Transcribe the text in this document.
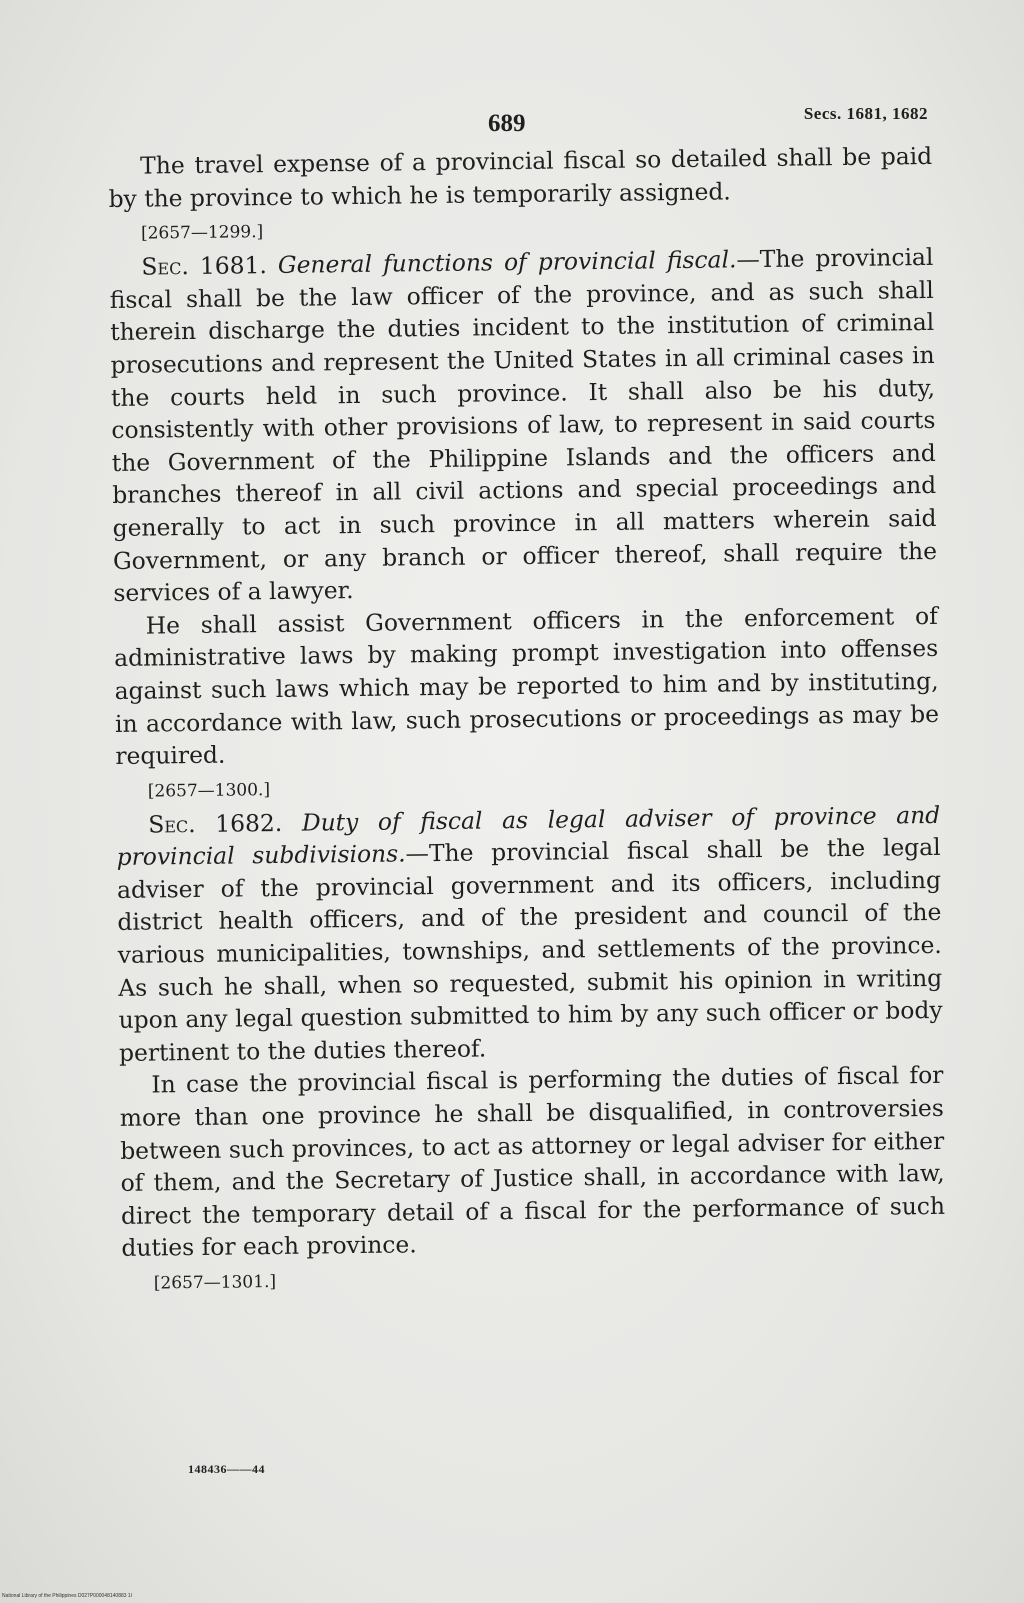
689	Secs. 1681, 1682

The travel expense of a provincial fiscal so detailed shall be paid by the province to which he is temporarily assigned.

[2657—1299.]

Sec. 1681. General functions of provincial fiscal.—The provincial fiscal shall be the law officer of the province, and as such shall therein discharge the duties incident to the institution of criminal prosecutions and represent the United States in all criminal cases in the courts held in such province. It shall also be his duty, consistently with other provisions of law, to represent in said courts the Government of the Philippine Islands and the officers and branches thereof in all civil actions and special proceedings and generally to act in such province in all matters wherein said Government, or any branch or officer thereof, shall require the services of a lawyer.

He shall assist Government officers in the enforcement of administrative laws by making prompt investigation into offenses against such laws which may be reported to him and by instituting, in accordance with law, such prosecutions or proceedings as may be required.

[2657—1300.]

Sec. 1682. Duty of fiscal as legal adviser of province and provincial subdivisions.—The provincial fiscal shall be the legal adviser of the provincial government and its officers, including district health officers, and of the president and council of the various municipalities, townships, and settlements of the province. As such he shall, when so requested, submit his opinion in writing upon any legal question submitted to him by any such officer or body pertinent to the duties thereof.

In case the provincial fiscal is performing the duties of fiscal for more than one province he shall be disqualified, in controversies between such provinces, to act as attorney or legal adviser for either of them, and the Secretary of Justice shall, in accordance with law, direct the temporary detail of a fiscal for the performance of such duties for each province.

[2657—1301.]

148436——44
National Library of the Philippines D027P000048140883 1l
